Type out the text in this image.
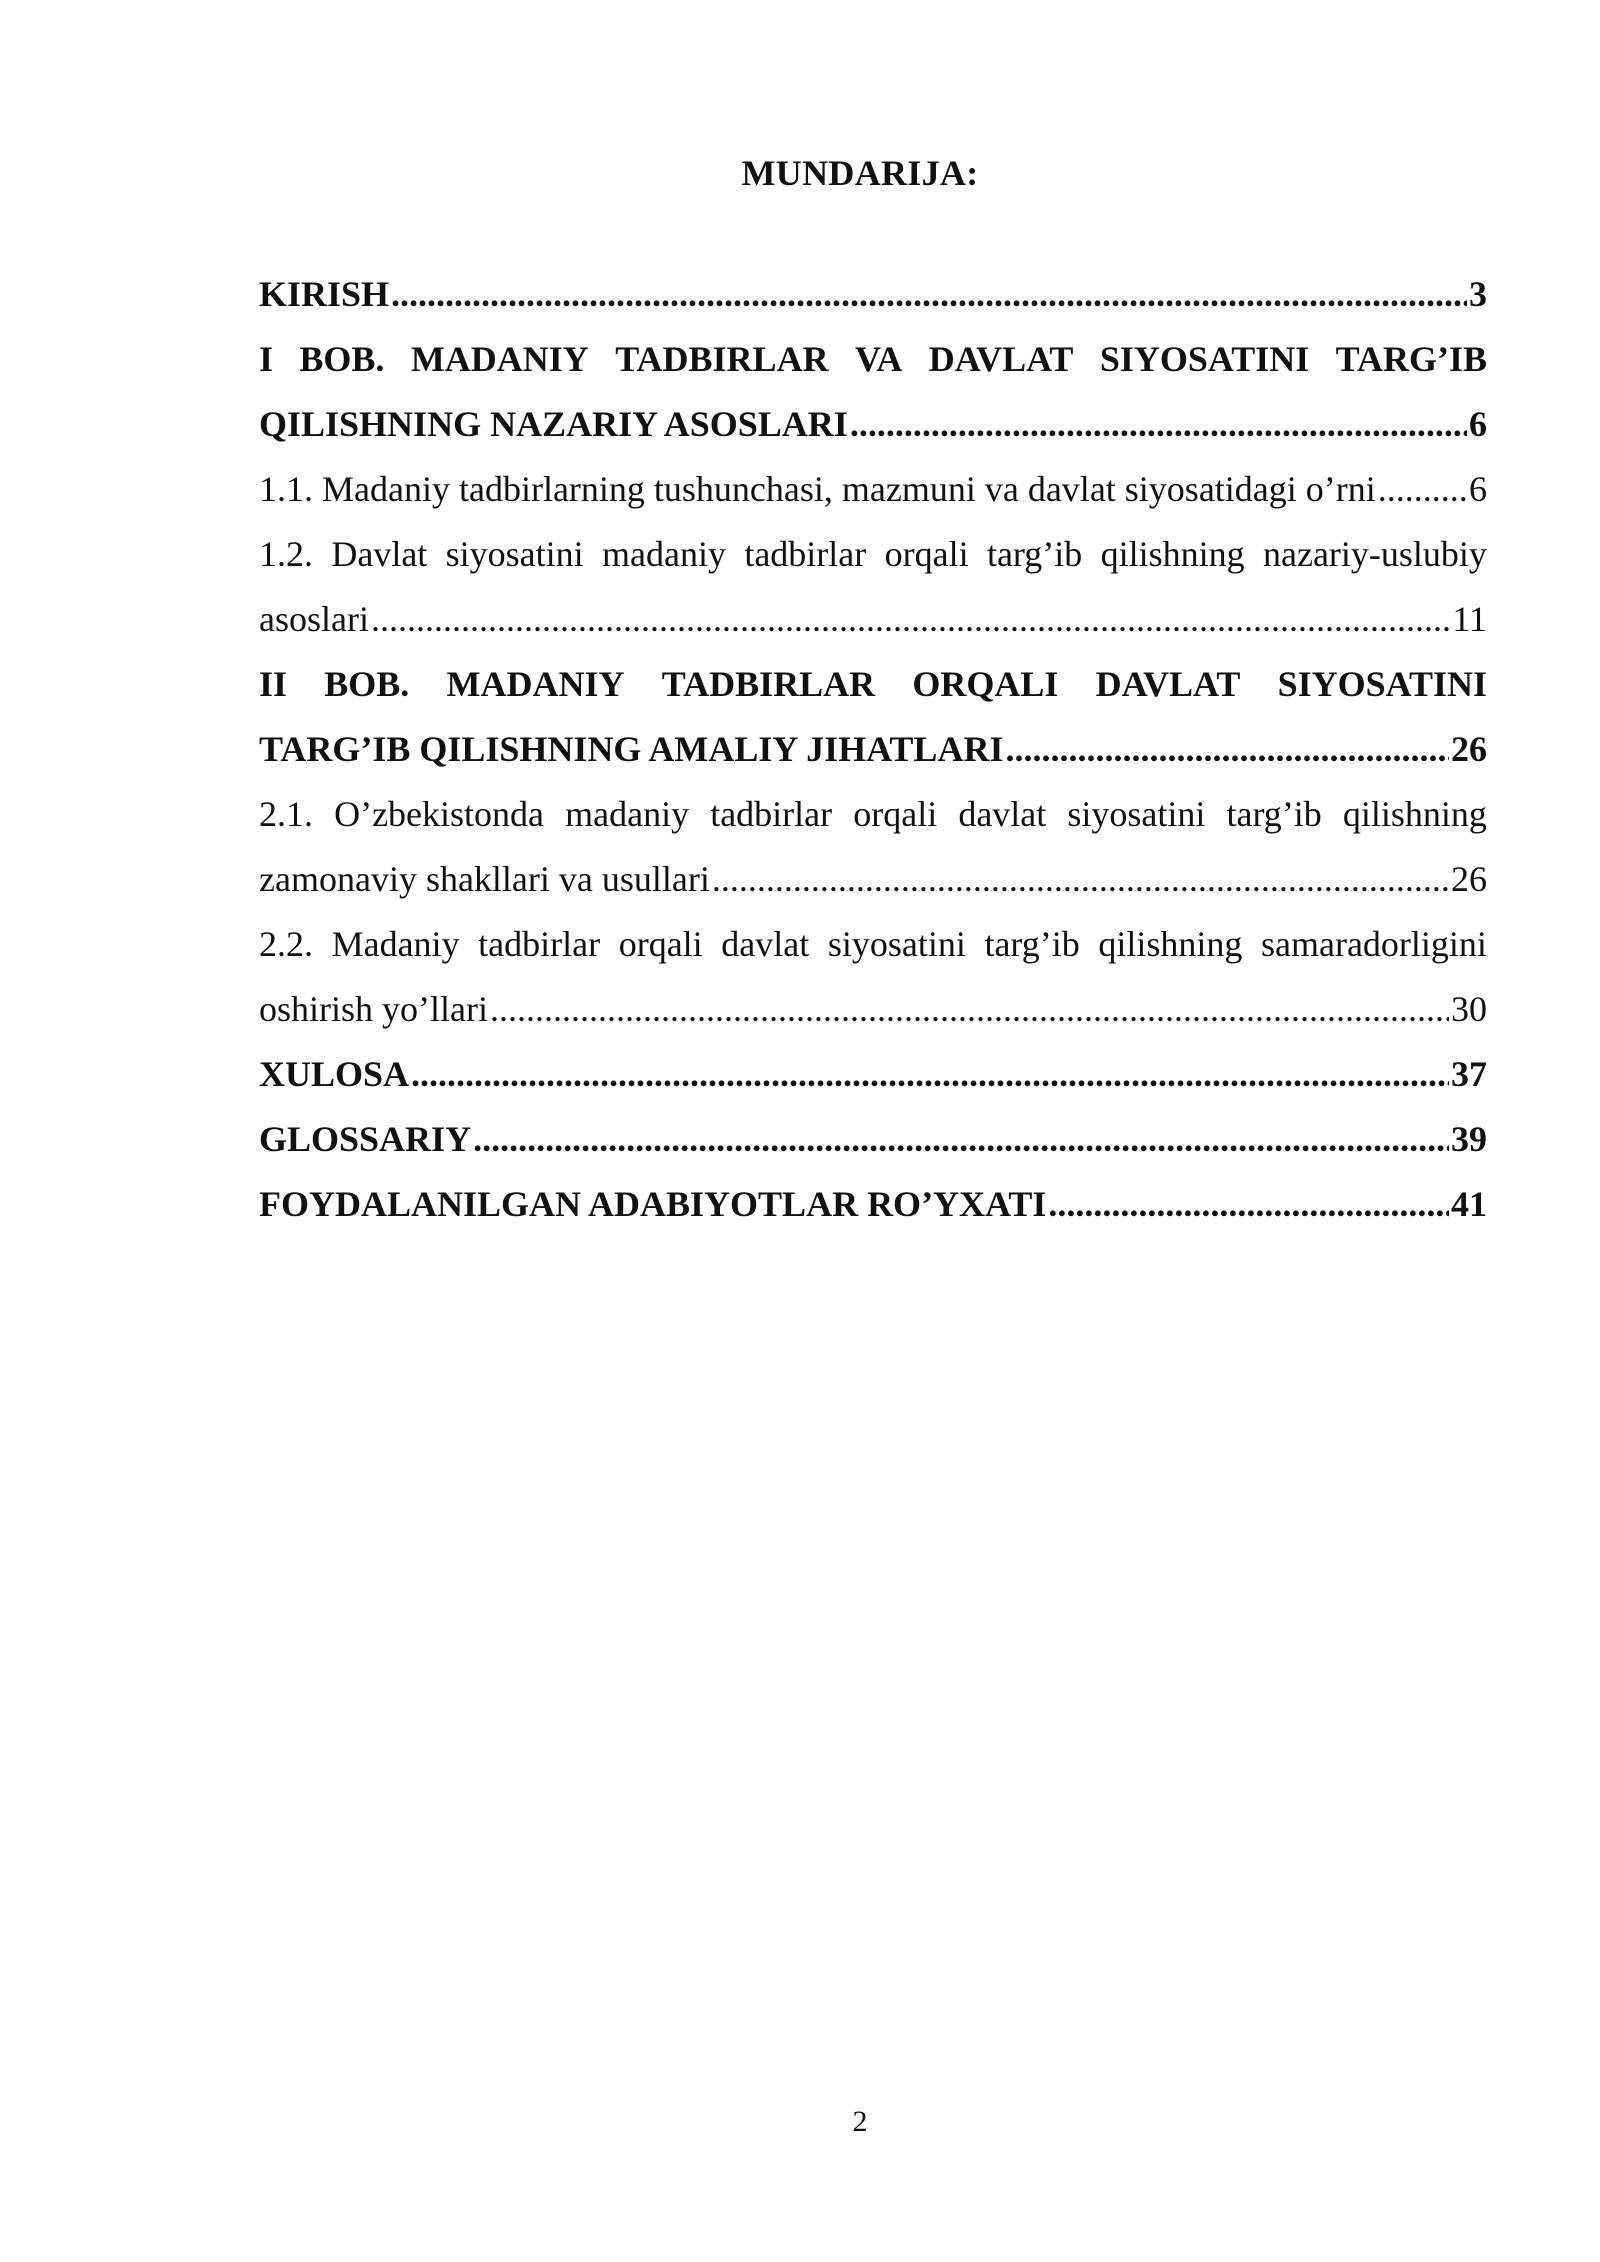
MUNDARIJA:
KIRISH .....	3
I BOB. MADANIY TADBIRLAR VA DAVLAT SIYOSATINI TARG’IB
QILISHNING NAZARIY ASOSLARI .....	6
1.1. Madaniy tadbirlarning tushunchasi, mazmuni va davlat siyosatidagi o’rni .....	6
1.2. Davlat siyosatini madaniy tadbirlar orqali targ’ib qilishning nazariy-uslubiy
asoslari .....	11
II BOB. MADANIY TADBIRLAR ORQALI DAVLAT SIYOSATINI
TARG’IB QILISHNING AMALIY JIHATLARI .....	26
2.1. O’zbekistonda madaniy tadbirlar orqali davlat siyosatini targ’ib qilishning
zamonaviy shakllari va usullari .....	26
2.2. Madaniy tadbirlar orqali davlat siyosatini targ’ib qilishning samaradorligini
oshirish yo’llari .....	30
XULOSA .....	37
GLOSSARIY .....	39
FOYDALANILGAN ADABIYOTLAR RO’YXATI .....	41
2
